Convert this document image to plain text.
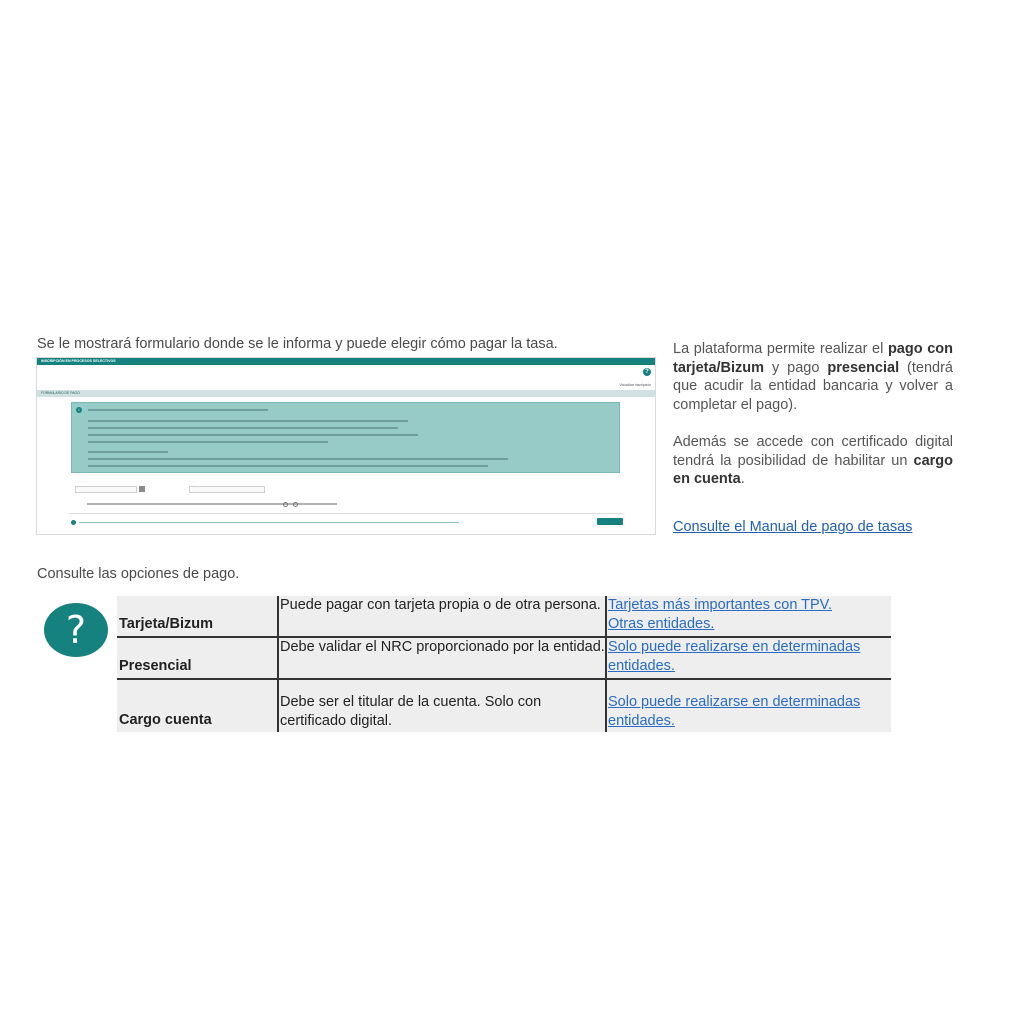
Se le mostrará formulario donde se le informa y puede elegir cómo pagar la tasa.
INSCRIPCIÓN EN PROCESOS SELECTIVOS
?
Visualizar inscripción
FORMULARIO DE PAGO
i
············	·······
La plataforma permite realizar el pago con tarjeta/Bizum y pago presencial (tendrá que acudir la entidad bancaria y volver a completar el pago).
Además se accede con certificado digital tendrá la posibilidad de habilitar un cargo en cuenta.
Consulte el Manual de pago de tasas
Consulte las opciones de pago.
?	Tarjeta/Bizum	Puede pagar con tarjeta propia o de otra persona.	Tarjetas más importantes con TPV.
Otras entidades.

Presencial	Debe validar el NRC proporcionado por la entidad.	Solo puede realizarse en determinadas
entidades.

Cargo cuenta	Debe ser el titular de la cuenta. Solo con certificado digital.	Solo puede realizarse en determinadas
entidades.
